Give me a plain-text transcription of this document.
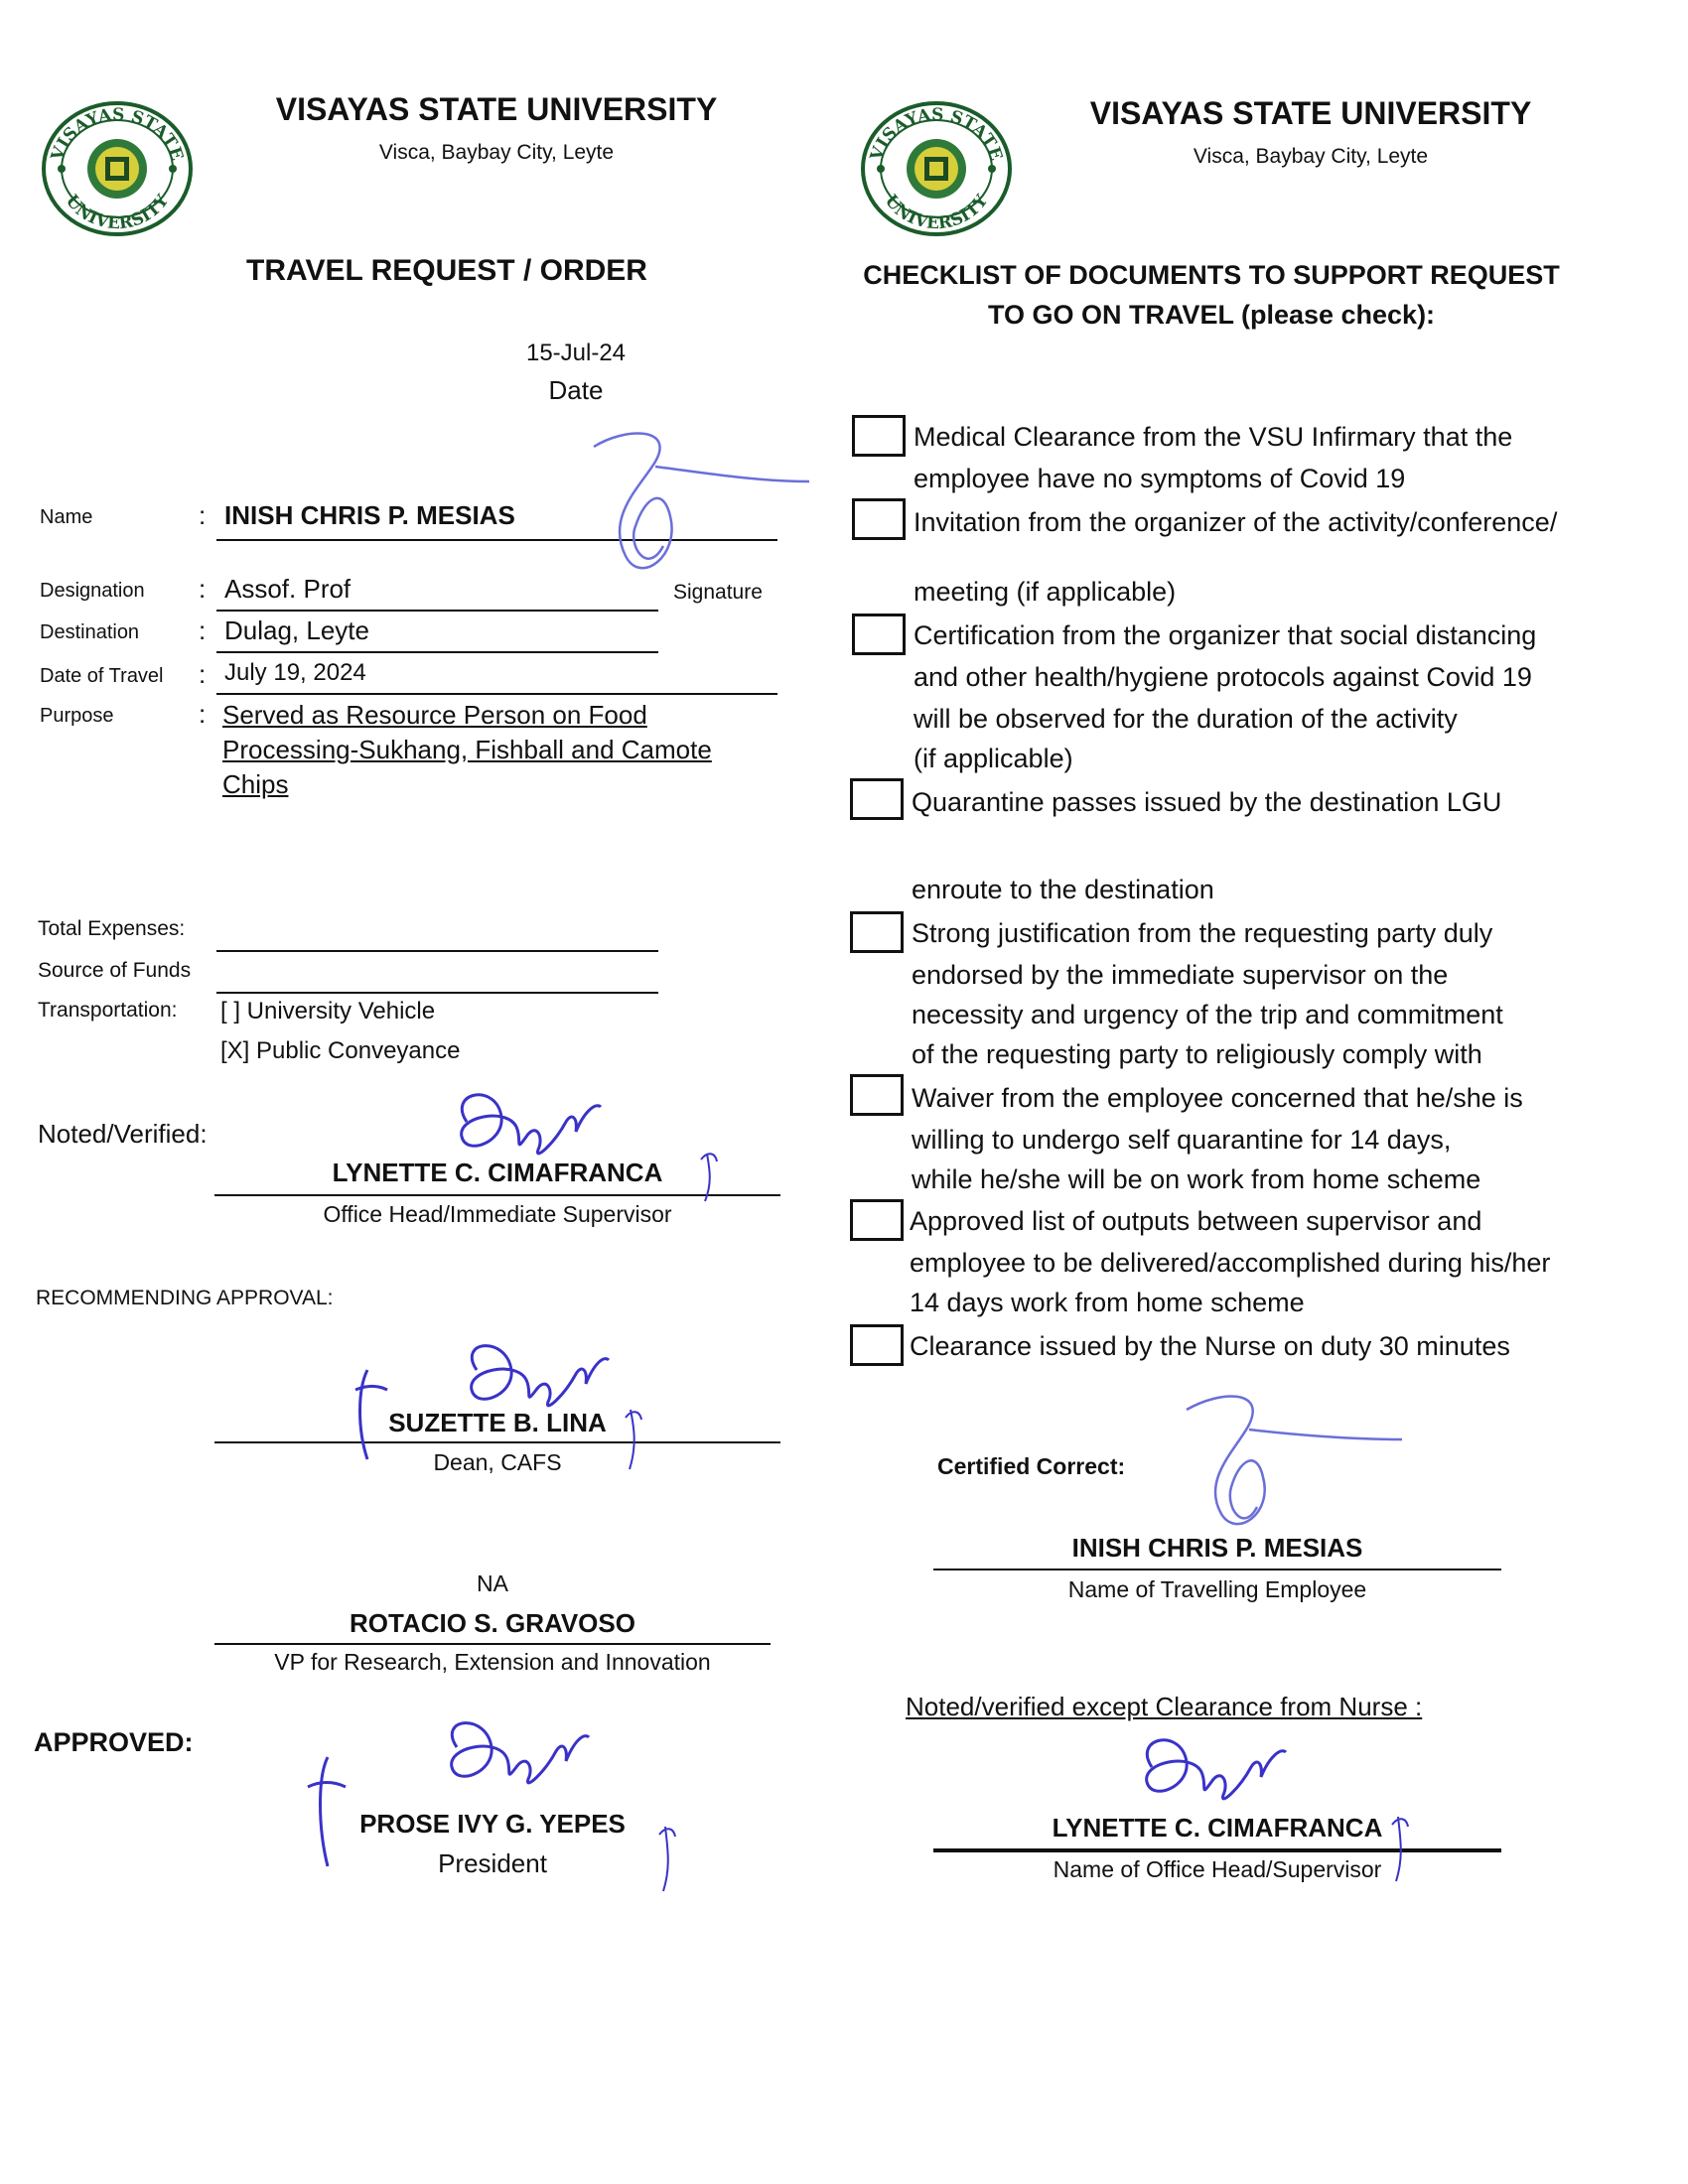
VISAYAS STATE
UNIVERSITY
VISAYAS STATE
UNIVERSITY
VISAYAS STATE UNIVERSITY
Visca, Baybay City, Leyte
TRAVEL REQUEST / ORDER
15-Jul-24
Date
Name	: INISH CHRIS P. MESIAS
Designation : Assof. Prof	Signature
Destination : Dulag, Leyte
Date of Travel : July 19, 2024
Purpose	: Served as Resource Person on Food
Processing-Sukhang, Fishball and Camote
Chips
Total Expenses:
Source of Funds
Transportation: [ ] University Vehicle
[X] Public Conveyance
Noted/Verified:
LYNETTE C. CIMAFRANCA
Office Head/Immediate Supervisor
RECOMMENDING APPROVAL:
SUZETTE B. LINA
Dean, CAFS
NA
ROTACIO S. GRAVOSO
VP for Research, Extension and Innovation
APPROVED:
PROSE IVY G. YEPES
President
VISAYAS STATE UNIVERSITY
Visca, Baybay City, Leyte
CHECKLIST OF DOCUMENTS TO SUPPORT REQUEST
TO GO ON TRAVEL (please check):
Medical Clearance from the VSU Infirmary that the
employee have no symptoms of Covid 19
Invitation from the organizer of the activity/conference/
meeting (if applicable)
Certification from the organizer that social distancing
and other health/hygiene protocols against Covid 19
will be observed for the duration of the activity
(if applicable)
Quarantine passes issued by the destination LGU
enroute to the destination
Strong justification from the requesting party duly
endorsed by the immediate supervisor on the
necessity and urgency of the trip and commitment
of the requesting party to religiously comply with
Waiver from the employee concerned that he/she is
willing to undergo self quarantine for 14 days,
while he/she will be on work from home scheme
Approved list of outputs between supervisor and
employee to be delivered/accomplished during his/her
14 days work from home scheme
Clearance issued by the Nurse on duty 30 minutes
Certified Correct:
INISH CHRIS P. MESIAS
Name of Travelling Employee
Noted/verified except Clearance from Nurse :
LYNETTE C. CIMAFRANCA
Name of Office Head/Supervisor
